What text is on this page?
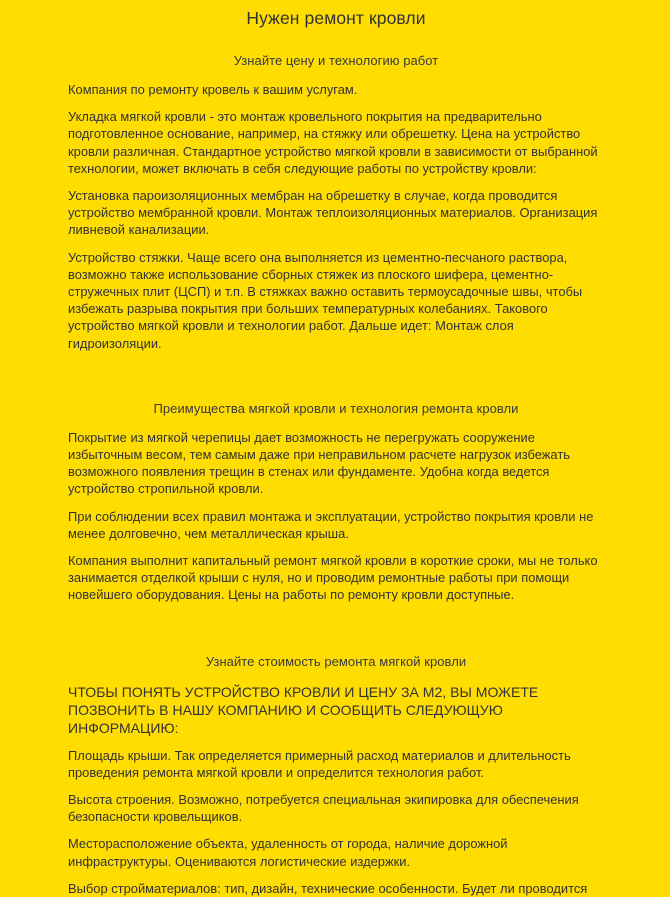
Нужен ремонт кровли
Узнайте цену и технологию работ

Компания по ремонту кровель к вашим услугам.

Укладка мягкой кровли - это монтаж кровельного покрытия на предварительно подготовленное основание, например, на стяжку или обрешетку. Цена на устройство кровли различная. Стандартное устройство мягкой кровли в зависимости от выбранной технологии, может включать в себя следующие работы по устройству кровли:

Установка пароизоляционных мембран на обрешетку в случае, когда проводится устройство мембранной кровли. Монтаж теплоизоляционных материалов. Организация ливневой канализации.

Устройство стяжки. Чаще всего она выполняется из цементно-песчаного раствора, возможно также использование сборных стяжек из плоского шифера, цементно-стружечных плит (ЦСП) и т.п. В стяжках важно оставить термоусадочные швы, чтобы избежать разрыва покрытия при больших температурных колебаниях. Такового устройство мягкой кровли и технологии работ. Дальше идет: Монтаж слоя гидроизоляции.

Преимущества мягкой кровли и технология ремонта кровли

Покрытие из мягкой черепицы дает возможность не перегружать сооружение избыточным весом, тем самым даже при неправильном расчете нагрузок избежать возможного появления трещин в стенах или фундаменте. Удобна когда ведется устройство стропильной кровли.

При соблюдении всех правил монтажа и эксплуатации, устройство покрытия кровли не менее долговечно, чем металлическая крыша.

Компания выполнит капитальный ремонт мягкой кровли в короткие сроки, мы не только занимается отделкой крыши с нуля, но и проводим ремонтные работы при помощи новейшего оборудования. Цены на работы по ремонту кровли доступные.

Узнайте стоимость ремонта мягкой кровли

ЧТОБЫ ПОНЯТЬ УСТРОЙСТВО КРОВЛИ И ЦЕНУ ЗА М2, ВЫ МОЖЕТЕ ПОЗВОНИТЬ В НАШУ КОМПАНИЮ И СООБЩИТЬ СЛЕДУЮЩУЮ ИНФОРМАЦИЮ:

Площадь крыши. Так определяется примерный расход материалов и длительность проведения ремонта мягкой кровли и определится технология работ.

Высота строения. Возможно, потребуется специальная экипировка для обеспечения безопасности кровельщиков.

Месторасположение объекта, удаленность от города, наличие дорожной инфраструктуры. Оцениваются логистические издержки.

Выбор стройматериалов: тип, дизайн, технические особенности. Будет ли проводится
